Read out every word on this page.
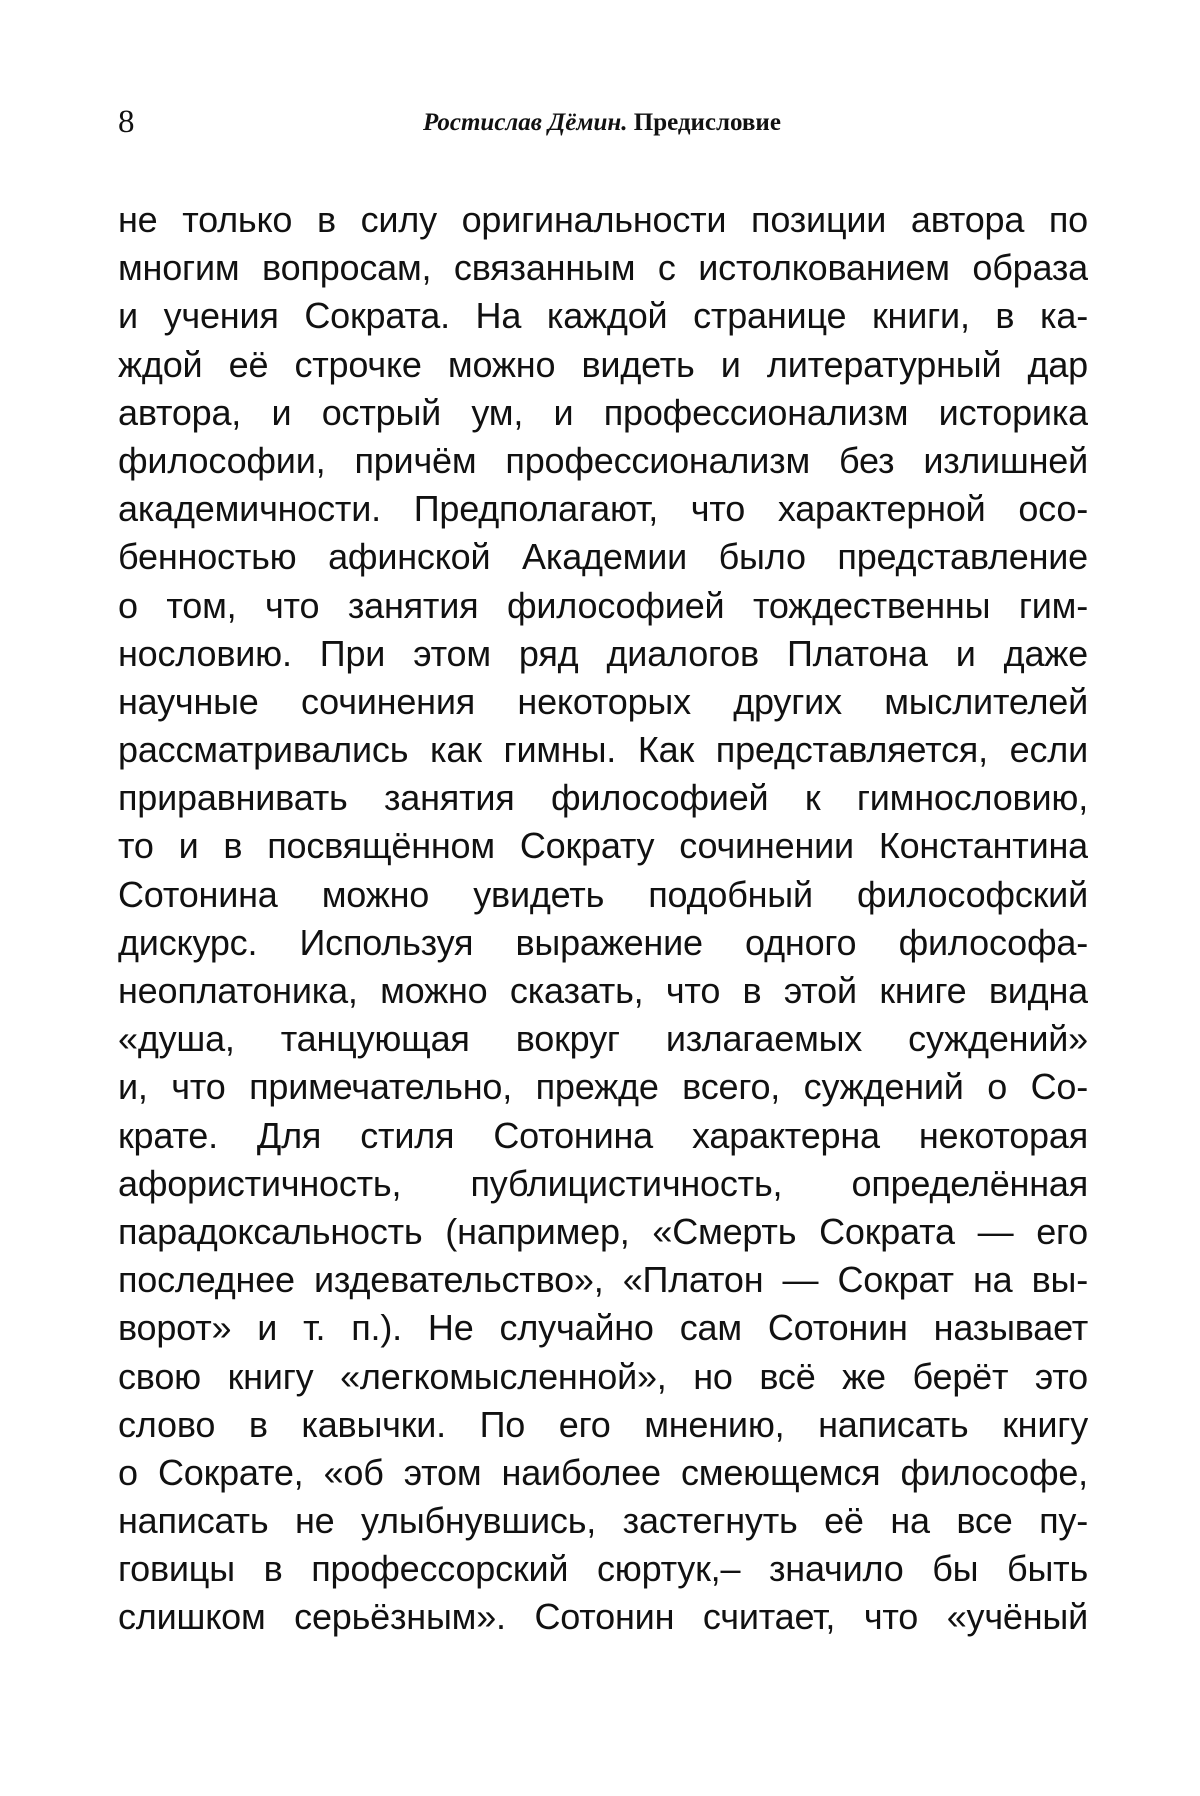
8	Ростислав Дёмин. Предисловие
не только в силу оригинальности позиции автора по
многим вопросам, связанным с истолкованием образа
и учения Сократа. На каждой странице книги, в ка-
ждой её строчке можно видеть и литературный дар
автора, и острый ум, и профессионализм историка
философии, причём профессионализм без излишней
академичности. Предполагают, что характерной осо-
бенностью афинской Академии было представление
о том, что занятия философией тождественны гим-
нословию. При этом ряд диалогов Платона и даже
научные сочинения некоторых других мыслителей
рассматривались как гимны. Как представляется, если
приравнивать занятия философией к гимнословию,
то и в посвящённом Сократу сочинении Константина
Сотонина можно увидеть подобный философский
дискурс. Используя выражение одного философа-
неоплатоника, можно сказать, что в этой книге видна
«душа, танцующая вокруг излагаемых суждений»
и, что примечательно, прежде всего, суждений о Со-
крате. Для стиля Сотонина характерна некоторая
афористичность, публицистичность, определённая
парадоксальность (например, «Смерть Сократа — его
последнее издевательство», «Платон — Сократ на вы-
ворот» и т. п.). Не случайно сам Сотонин называет
свою книгу «легкомысленной», но всё же берёт это
слово в кавычки. По его мнению, написать книгу
о Сократе, «об этом наиболее смеющемся философе,
написать не улыбнувшись, застегнуть её на все пу-
говицы в профессорский сюртук,– значило бы быть
слишком серьёзным». Сотонин считает, что «учёный
